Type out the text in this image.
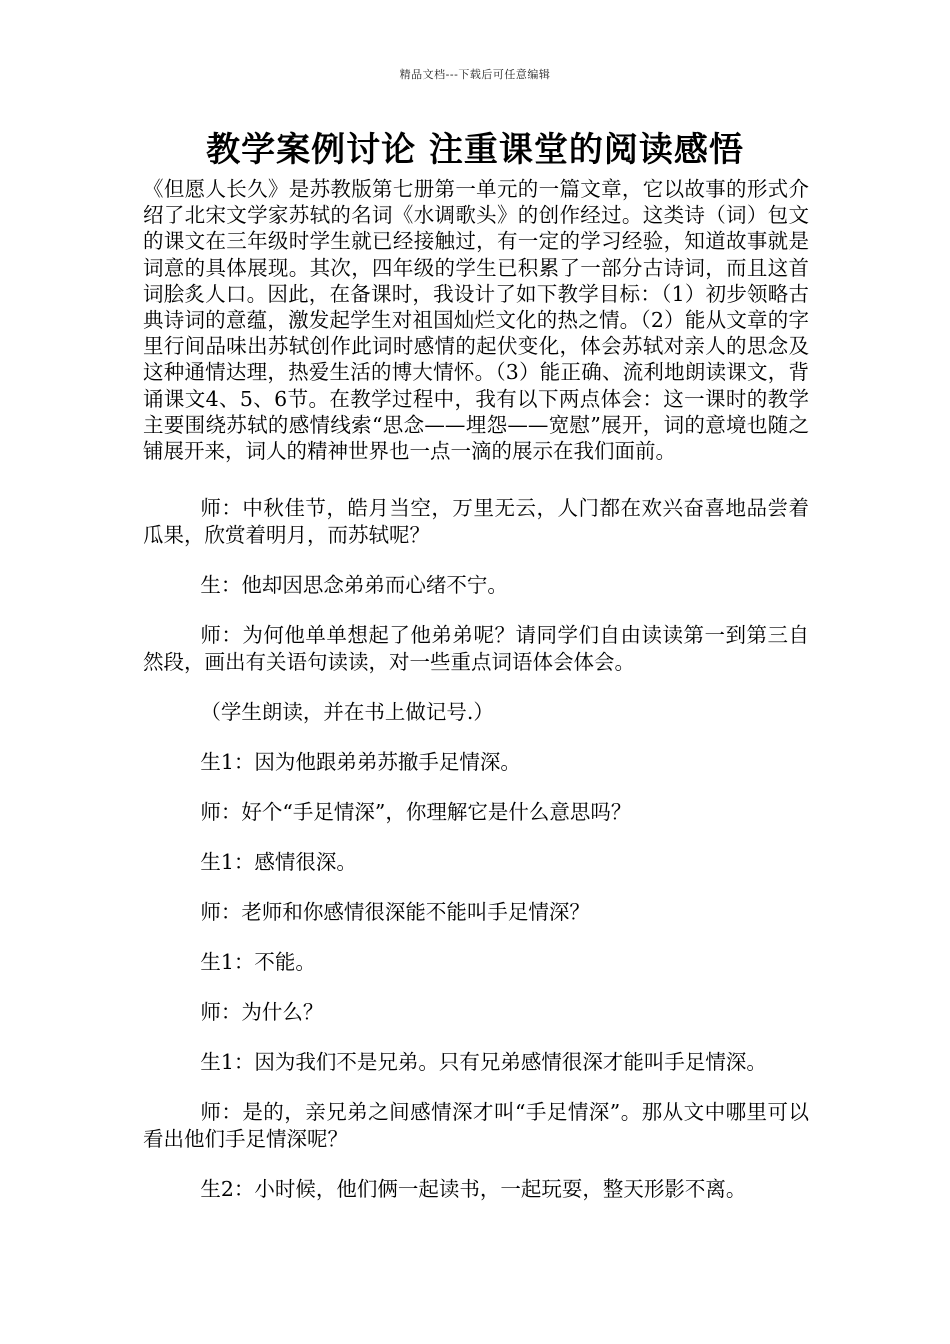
精品文档---下载后可任意编辑
教学案例讨论 注重课堂的阅读感悟

《但愿人长久》是苏教版第七册第一单元的一篇文章，它以故事的形式介绍了北宋文学家苏轼的名词《水调歌头》的创作经过。这类诗（词）包文的课文在三年级时学生就已经接触过，有一定的学习经验，知道故事就是词意的具体展现。其次，四年级的学生已积累了一部分古诗词，而且这首词脍炙人口。因此，在备课时，我设计了如下教学目标：（1）初步领略古典诗词的意蕴，激发起学生对祖国灿烂文化的热之情。（2）能从文章的字里行间品味出苏轼创作此词时感情的起伏变化，体会苏轼对亲人的思念及这种通情达理，热爱生活的博大情怀。（3）能正确、流利地朗读课文，背诵课文4、5、6节。在教学过程中，我有以下两点体会：这一课时的教学主要围绕苏轼的感情线索“思念——埋怨——宽慰”展开，词的意境也随之铺展开来，词人的精神世界也一点一滴的展示在我们面前。

师：中秋佳节，皓月当空，万里无云，人门都在欢兴奋喜地品尝着瓜果，欣赏着明月，而苏轼呢？

生：他却因思念弟弟而心绪不宁。

师：为何他单单想起了他弟弟呢？请同学们自由读读第一到第三自然段，画出有关语句读读，对一些重点词语体会体会。

（学生朗读，并在书上做记号.）

生1：因为他跟弟弟苏撤手足情深。

师：好个“手足情深”，你理解它是什么意思吗？

生1：感情很深。

师：老师和你感情很深能不能叫手足情深？

生1：不能。

师：为什么？

生1：因为我们不是兄弟。只有兄弟感情很深才能叫手足情深。

师：是的，亲兄弟之间感情深才叫“手足情深”。那从文中哪里可以看出他们手足情深呢？

生2：小时候，他们俩一起读书，一起玩耍，整天形影不离。
